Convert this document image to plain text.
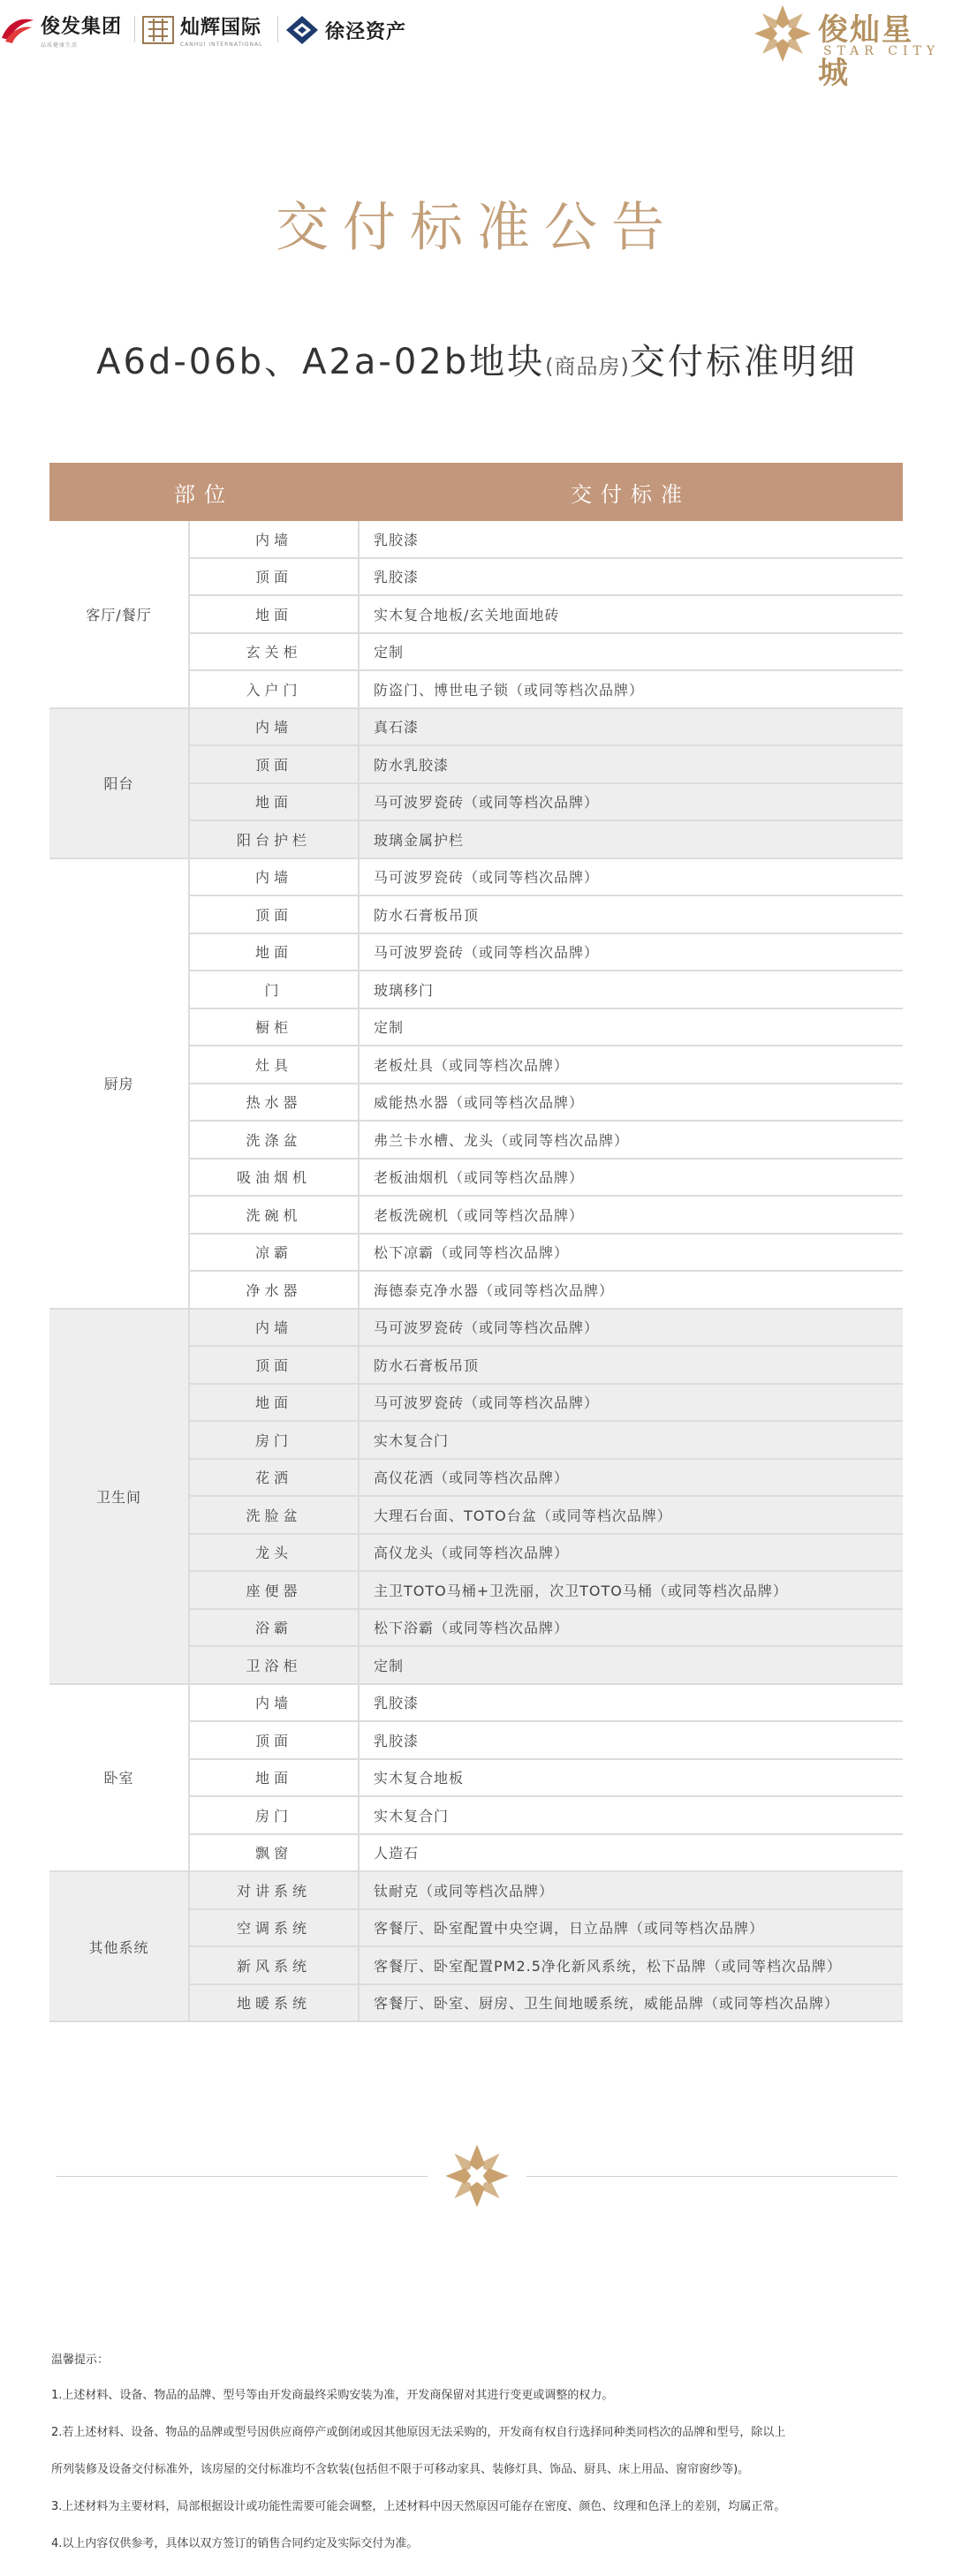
俊发集团
品质健康生活
灿辉国际
CANHUI INTERNATIONAL
徐泾资产	俊灿星城
STAR CITY
交付标准公告
A6d-06b、A2a-02b地块(商品房)交付标准明细
部位		交付标准
客厅/餐厅	内墙	乳胶漆
	顶面	乳胶漆
	地面	实木复合地板/玄关地面地砖
	玄关柜	定制
	入户门	防盗门、博世电子锁（或同等档次品牌）
阳台	内墙	真石漆
	顶面	防水乳胶漆
	地面	马可波罗瓷砖（或同等档次品牌）
	阳台护栏	玻璃金属护栏
厨房	内墙	马可波罗瓷砖（或同等档次品牌）
	顶面	防水石膏板吊顶
	地面	马可波罗瓷砖（或同等档次品牌）
	门	玻璃移门
	橱柜	定制
	灶具	老板灶具（或同等档次品牌）
	热水器	威能热水器（或同等档次品牌）
	洗涤盆	弗兰卡水槽、龙头（或同等档次品牌）
	吸油烟机	老板油烟机（或同等档次品牌）
	洗碗机	老板洗碗机（或同等档次品牌）
	凉霸	松下凉霸（或同等档次品牌）
	净水器	海德泰克净水器（或同等档次品牌）
卫生间	内墙	马可波罗瓷砖（或同等档次品牌）
	顶面	防水石膏板吊顶
	地面	马可波罗瓷砖（或同等档次品牌）
	房门	实木复合门
	花洒	高仪花洒（或同等档次品牌）
	洗脸盆	大理石台面、TOTO台盆（或同等档次品牌）
	龙头	高仪龙头（或同等档次品牌）
	座便器	主卫TOTO马桶+卫洗丽，次卫TOTO马桶（或同等档次品牌）
	浴霸	松下浴霸（或同等档次品牌）
	卫浴柜	定制
卧室	内墙	乳胶漆
	顶面	乳胶漆
	地面	实木复合地板
	房门	实木复合门
	飘窗	人造石
其他系统	对讲系统	钛耐克（或同等档次品牌）
	空调系统	客餐厅、卧室配置中央空调，日立品牌（或同等档次品牌）
	新风系统	客餐厅、卧室配置PM2.5净化新风系统，松下品牌（或同等档次品牌）
	地暖系统	客餐厅、卧室、厨房、卫生间地暖系统，威能品牌（或同等档次品牌）
温馨提示：

1.上述材料、设备、物品的品牌、型号等由开发商最终采购安装为准，开发商保留对其进行变更或调整的权力。

2.若上述材料、设备、物品的品牌或型号因供应商停产或倒闭或因其他原因无法采购的，开发商有权自行选择同种类同档次的品牌和型号，除以上

所列装修及设备交付标准外，该房屋的交付标准均不含软装(包括但不限于可移动家具、装修灯具、饰品、厨具、床上用品、窗帘窗纱等)。

3.上述材料为主要材料，局部根据设计或功能性需要可能会调整，上述材料中因天然原因可能存在密度、颜色、纹理和色泽上的差别，均属正常。

4.以上内容仅供参考，具体以双方签订的销售合同约定及实际交付为准。
